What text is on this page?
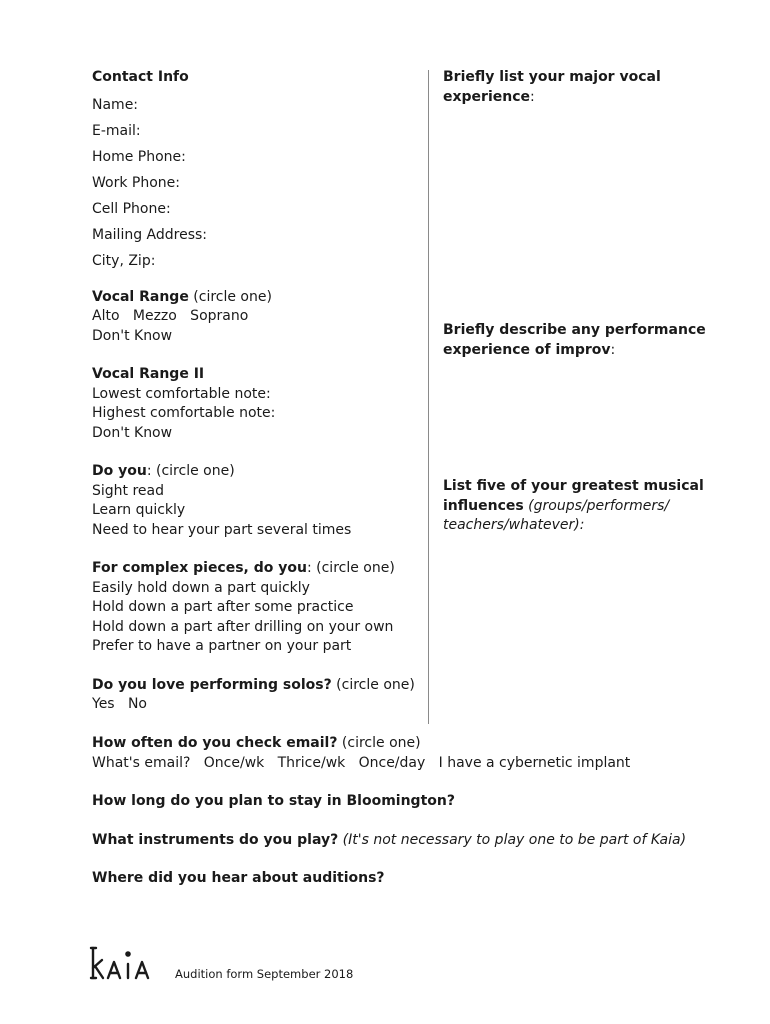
Contact Info
Name:
E-mail:
Home Phone:
Work Phone:
Cell Phone:
Mailing Address:
City, Zip:
Vocal Range (circle one)
Alto   Mezzo   Soprano
Don't Know
Vocal Range II
Lowest comfortable note:
Highest comfortable note:
Don't Know
Do you: (circle one)
Sight read
Learn quickly
Need to hear your part several times
For complex pieces, do you: (circle one)
Easily hold down a part quickly
Hold down a part after some practice
Hold down a part after drilling on your own
Prefer to have a partner on your part
Do you love performing solos? (circle one)
Yes   No
Briefly list your major vocal experience:
Briefly describe any performance experience of improv:
List five of your greatest musical influences (groups/performers/ teachers/whatever):
How often do you check email? (circle one)
What's email?   Once/wk   Thrice/wk   Once/day   I have a cybernetic implant
How long do you plan to stay in Bloomington?
What instruments do you play? (It's not necessary to play one to be part of Kaia)
Where did you hear about auditions?
Audition form September 2018
